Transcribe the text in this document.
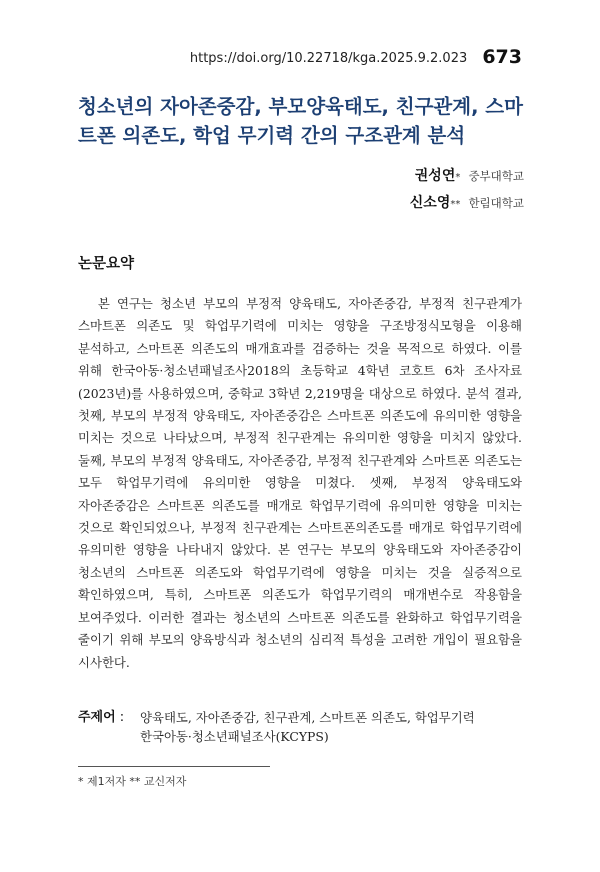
https://doi.org/10.22718/kga.2025.9.2.023 673
청소년의 자아존중감, 부모양육태도, 친구관계, 스마트폰 의존도, 학업 무기력 간의 구조관계 분석
권성연* 중부대학교
신소영** 한림대학교
논문요약

본 연구는 청소년 부모의 부정적 양육태도, 자아존중감, 부정적 친구관계가 스마트폰 의존도 및 학업무기력에 미치는 영향을 구조방정식모형을 이용해 분석하고, 스마트폰 의존도의 매개효과를 검증하는 것을 목적으로 하였다. 이를 위해 한국아동·청소년패널조사2018의 초등학교 4학년 코호트 6차 조사자료(2023년)를 사용하였으며, 중학교 3학년 2,219명을 대상으로 하였다. 분석 결과, 첫째, 부모의 부정적 양육태도, 자아존중감은 스마트폰 의존도에 유의미한 영향을 미치는 것으로 나타났으며, 부정적 친구관계는 유의미한 영향을 미치지 않았다. 둘째, 부모의 부정적 양육태도, 자아존중감, 부정적 친구관계와 스마트폰 의존도는 모두 학업무기력에 유의미한 영향을 미쳤다. 셋째, 부정적 양육태도와 자아존중감은 스마트폰 의존도를 매개로 학업무기력에 유의미한 영향을 미치는 것으로 확인되었으나, 부정적 친구관계는 스마트폰의존도를 매개로 학업무기력에 유의미한 영향을 나타내지 않았다. 본 연구는 부모의 양육태도와 자아존중감이 청소년의 스마트폰 의존도와 학업무기력에 영향을 미치는 것을 실증적으로 확인하였으며, 특히, 스마트폰 의존도가 학업무기력의 매개변수로 작용함을 보여주었다. 이러한 결과는 청소년의 스마트폰 의존도를 완화하고 학업무기력을 줄이기 위해 부모의 양육방식과 청소년의 심리적 특성을 고려한 개입이 필요함을 시사한다.

주제어 :	양육태도, 자아존중감, 친구관계, 스마트폰 의존도, 학업무기력
한국아동·청소년패널조사(KCYPS)
* 제1저자 ** 교신저자
